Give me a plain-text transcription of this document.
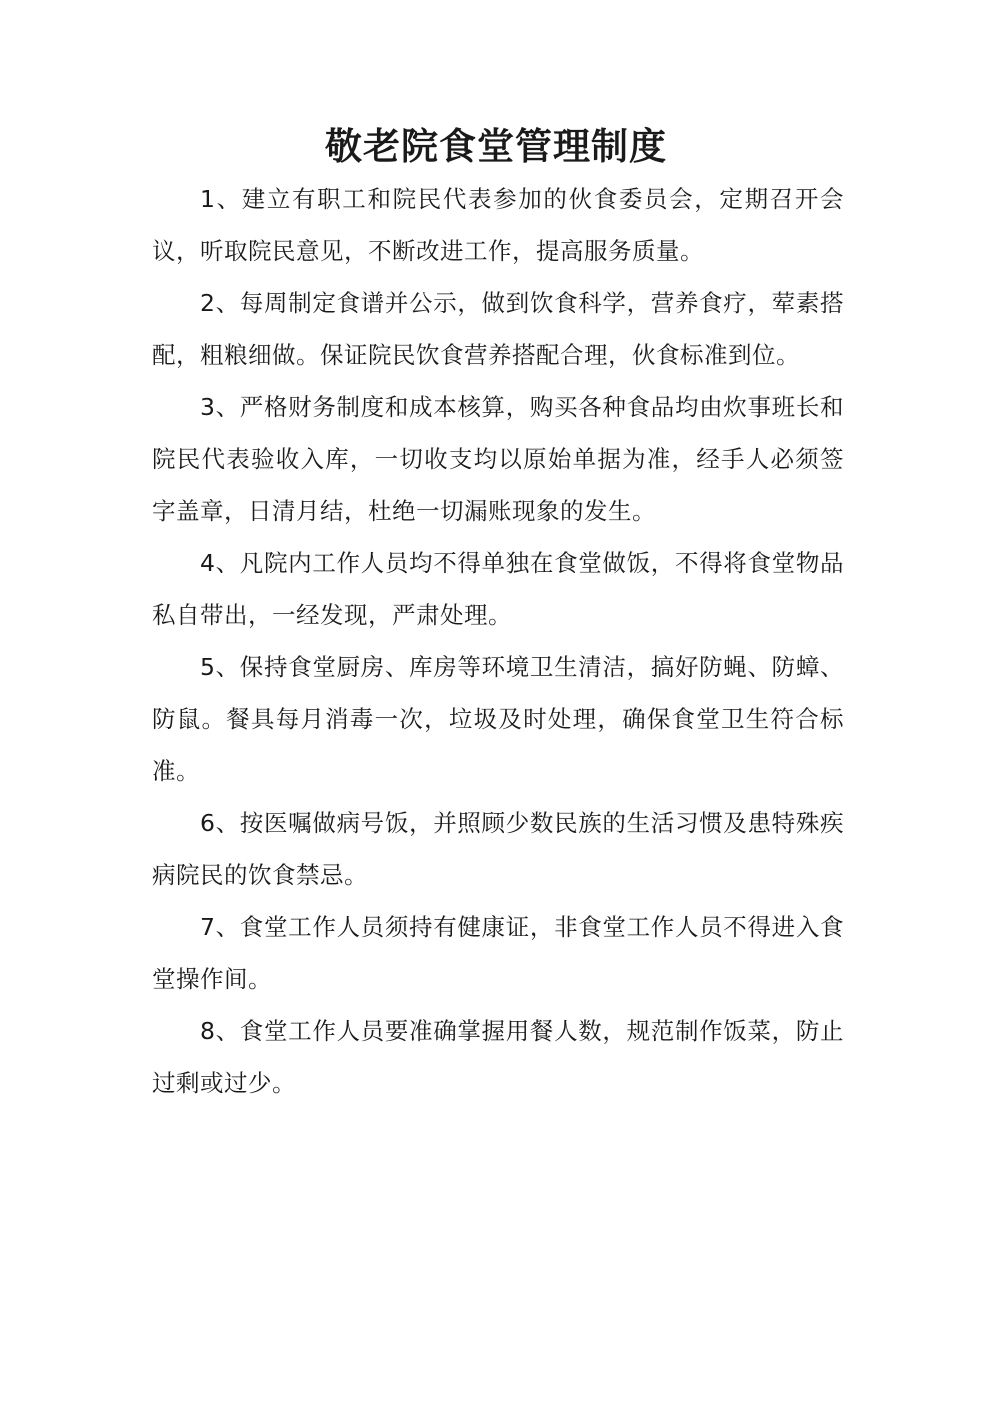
敬老院食堂管理制度

1、建立有职工和院民代表参加的伙食委员会，定期召开会议，听取院民意见，不断改进工作，提高服务质量。

2、每周制定食谱并公示，做到饮食科学，营养食疗，荤素搭配，粗粮细做。保证院民饮食营养搭配合理，伙食标准到位。

3、严格财务制度和成本核算，购买各种食品均由炊事班长和院民代表验收入库，一切收支均以原始单据为准，经手人必须签字盖章，日清月结，杜绝一切漏账现象的发生。

4、凡院内工作人员均不得单独在食堂做饭，不得将食堂物品私自带出，一经发现，严肃处理。

5、保持食堂厨房、库房等环境卫生清洁，搞好防蝇、防蟑、防鼠。餐具每月消毒一次，垃圾及时处理，确保食堂卫生符合标准。

6、按医嘱做病号饭，并照顾少数民族的生活习惯及患特殊疾病院民的饮食禁忌。

7、食堂工作人员须持有健康证，非食堂工作人员不得进入食堂操作间。

8、食堂工作人员要准确掌握用餐人数，规范制作饭菜，防止过剩或过少。
